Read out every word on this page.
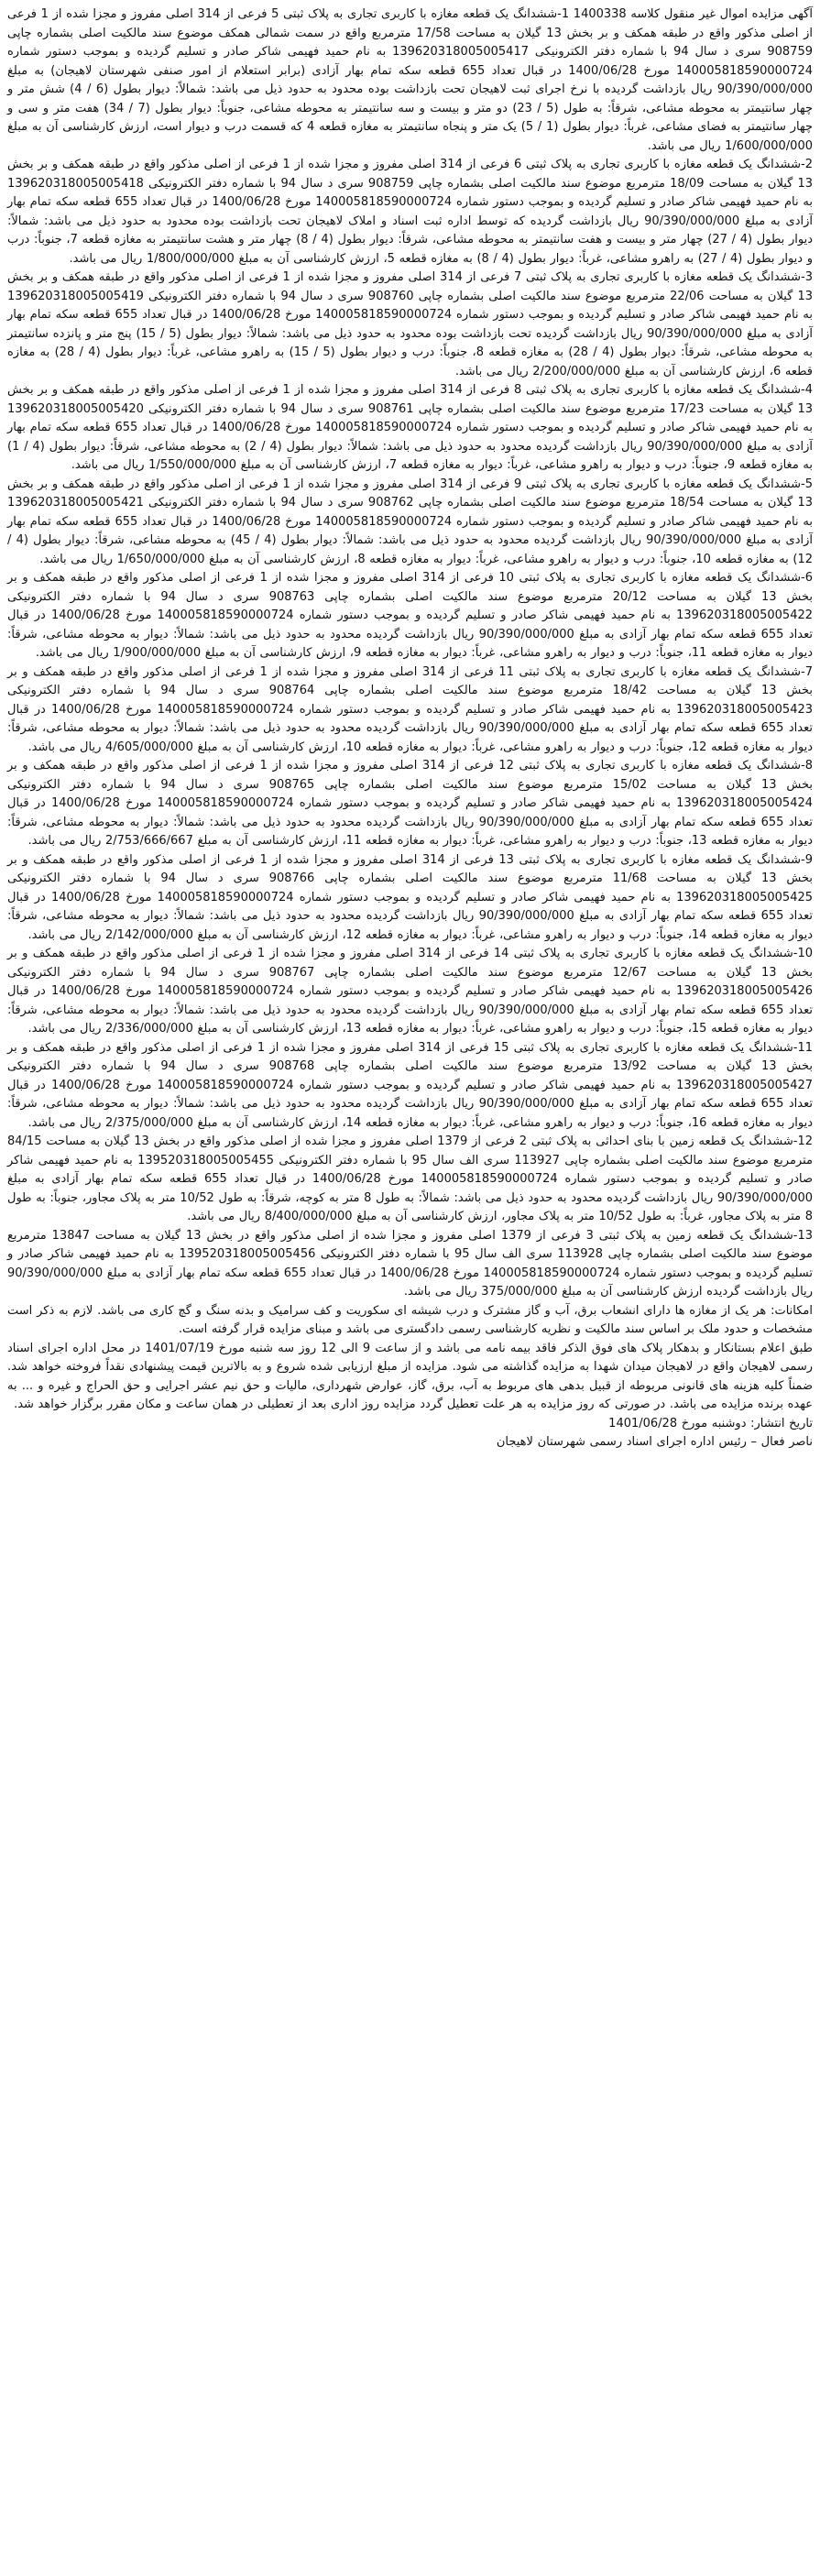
آگهی مزایده اموال غیر منقول کلاسه 1400338 1-ششدانگ یک قطعه مغازه با کاربری تجاری به پلاک ثبتی 5 فرعی از 314 اصلی مفروز و مجزا شده از 1 فرعی از اصلی مذکور واقع در طبقه همکف و بر بخش 13 گیلان به مساحت 17/58 مترمربع واقع در سمت شمالی همکف موضوع سند مالکیت اصلی بشماره چاپی 908759 سری د سال 94 با شماره دفتر الکترونیکی 139620318005005417 به نام حمید فهیمی شاکر صادر و تسلیم گردیده و بموجب دستور شماره 140005818590000724 مورخ 1400/06/28 در قبال تعداد 655 قطعه سکه تمام بهار آزادی (برابر استعلام از امور صنفی شهرستان لاهیجان) به مبلغ 90/390/000/000 ریال بازداشت گردیده با نرخ اجرای ثبت لاهیجان تحت بازداشت بوده محدود به حدود ذیل می باشد: شمالاً: دیوار بطول (6 / 4) شش متر و چهار سانتیمتر به محوطه مشاعی، شرقاً: به طول (5 / 23) دو متر و بیست و سه سانتیمتر به محوطه مشاعی، جنوباً: دیوار بطول (7 / 34) هفت متر و سی و چهار سانتیمتر به فضای مشاعی، غرباً: دیوار بطول (1 / 5) یک متر و پنجاه سانتیمتر به مغازه قطعه 4 که قسمت درب و دیوار است، ارزش کارشناسی آن به مبلغ 1/600/000/000 ریال می باشد.

2-ششدانگ یک قطعه مغازه با کاربری تجاری به پلاک ثبتی 6 فرعی از 314 اصلی مفروز و مجزا شده از 1 فرعی از اصلی مذکور واقع در طبقه همکف و بر بخش 13 گیلان به مساحت 18/09 مترمربع موضوع سند مالکیت اصلی بشماره چاپی 908759 سری د سال 94 با شماره دفتر الکترونیکی 139620318005005418 به نام حمید فهیمی شاکر صادر و تسلیم گردیده و بموجب دستور شماره 140005818590000724 مورخ 1400/06/28 در قبال تعداد 655 قطعه سکه تمام بهار آزادی به مبلغ 90/390/000/000 ریال بازداشت گردیده که توسط اداره ثبت اسناد و املاک لاهیجان تحت بازداشت بوده محدود به حدود ذیل می باشد: شمالاً: دیوار بطول (4 / 27) چهار متر و بیست و هفت سانتیمتر به محوطه مشاعی، شرقاً: دیوار بطول (4 / 8) چهار متر و هشت سانتیمتر به مغازه قطعه 7، جنوباً: درب و دیوار بطول (4 / 27) به راهرو مشاعی، غرباً: دیوار بطول (4 / 8) به مغازه قطعه 5، ارزش کارشناسی آن به مبلغ 1/800/000/000 ریال می باشد.

3-ششدانگ یک قطعه مغازه با کاربری تجاری به پلاک ثبتی 7 فرعی از 314 اصلی مفروز و مجزا شده از 1 فرعی از اصلی مذکور واقع در طبقه همکف و بر بخش 13 گیلان به مساحت 22/06 مترمربع موضوع سند مالکیت اصلی بشماره چاپی 908760 سری د سال 94 با شماره دفتر الکترونیکی 139620318005005419 به نام حمید فهیمی شاکر صادر و تسلیم گردیده و بموجب دستور شماره 140005818590000724 مورخ 1400/06/28 در قبال تعداد 655 قطعه سکه تمام بهار آزادی به مبلغ 90/390/000/000 ریال بازداشت گردیده تحت بازداشت بوده محدود به حدود ذیل می باشد: شمالاً: دیوار بطول (5 / 15) پنج متر و پانزده سانتیمتر به محوطه مشاعی، شرقاً: دیوار بطول (4 / 28) به مغازه قطعه 8، جنوباً: درب و دیوار بطول (5 / 15) به راهرو مشاعی، غرباً: دیوار بطول (4 / 28) به مغازه قطعه 6، ارزش کارشناسی آن به مبلغ 2/200/000/000 ریال می باشد.

4-ششدانگ یک قطعه مغازه با کاربری تجاری به پلاک ثبتی 8 فرعی از 314 اصلی مفروز و مجزا شده از 1 فرعی از اصلی مذکور واقع در طبقه همکف و بر بخش 13 گیلان به مساحت 17/23 مترمربع موضوع سند مالکیت اصلی بشماره چاپی 908761 سری د سال 94 با شماره دفتر الکترونیکی 139620318005005420 به نام حمید فهیمی شاکر صادر و تسلیم گردیده و بموجب دستور شماره 140005818590000724 مورخ 1400/06/28 در قبال تعداد 655 قطعه سکه تمام بهار آزادی به مبلغ 90/390/000/000 ریال بازداشت گردیده محدود به حدود ذیل می باشد: شمالاً: دیوار بطول (4 / 2) به محوطه مشاعی، شرقاً: دیوار بطول (4 / 1) به مغازه قطعه 9، جنوباً: درب و دیوار به راهرو مشاعی، غرباً: دیوار به مغازه قطعه 7، ارزش کارشناسی آن به مبلغ 1/550/000/000 ریال می باشد.

5-ششدانگ یک قطعه مغازه با کاربری تجاری به پلاک ثبتی 9 فرعی از 314 اصلی مفروز و مجزا شده از 1 فرعی از اصلی مذکور واقع در طبقه همکف و بر بخش 13 گیلان به مساحت 18/54 مترمربع موضوع سند مالکیت اصلی بشماره چاپی 908762 سری د سال 94 با شماره دفتر الکترونیکی 139620318005005421 به نام حمید فهیمی شاکر صادر و تسلیم گردیده و بموجب دستور شماره 140005818590000724 مورخ 1400/06/28 در قبال تعداد 655 قطعه سکه تمام بهار آزادی به مبلغ 90/390/000/000 ریال بازداشت گردیده محدود به حدود ذیل می باشد: شمالاً: دیوار بطول (4 / 45) به محوطه مشاعی، شرقاً: دیوار بطول (4 / 12) به مغازه قطعه 10، جنوباً: درب و دیوار به راهرو مشاعی، غرباً: دیوار به مغازه قطعه 8، ارزش کارشناسی آن به مبلغ 1/650/000/000 ریال می باشد.

6-ششدانگ یک قطعه مغازه با کاربری تجاری به پلاک ثبتی 10 فرعی از 314 اصلی مفروز و مجزا شده از 1 فرعی از اصلی مذکور واقع در طبقه همکف و بر بخش 13 گیلان به مساحت 20/12 مترمربع موضوع سند مالکیت اصلی بشماره چاپی 908763 سری د سال 94 با شماره دفتر الکترونیکی 139620318005005422 به نام حمید فهیمی شاکر صادر و تسلیم گردیده و بموجب دستور شماره 140005818590000724 مورخ 1400/06/28 در قبال تعداد 655 قطعه سکه تمام بهار آزادی به مبلغ 90/390/000/000 ریال بازداشت گردیده محدود به حدود ذیل می باشد: شمالاً: دیوار به محوطه مشاعی، شرقاً: دیوار به مغازه قطعه 11، جنوباً: درب و دیوار به راهرو مشاعی، غرباً: دیوار به مغازه قطعه 9، ارزش کارشناسی آن به مبلغ 1/900/000/000 ریال می باشد.

7-ششدانگ یک قطعه مغازه با کاربری تجاری به پلاک ثبتی 11 فرعی از 314 اصلی مفروز و مجزا شده از 1 فرعی از اصلی مذکور واقع در طبقه همکف و بر بخش 13 گیلان به مساحت 18/42 مترمربع موضوع سند مالکیت اصلی بشماره چاپی 908764 سری د سال 94 با شماره دفتر الکترونیکی 139620318005005423 به نام حمید فهیمی شاکر صادر و تسلیم گردیده و بموجب دستور شماره 140005818590000724 مورخ 1400/06/28 در قبال تعداد 655 قطعه سکه تمام بهار آزادی به مبلغ 90/390/000/000 ریال بازداشت گردیده محدود به حدود ذیل می باشد: شمالاً: دیوار به محوطه مشاعی، شرقاً: دیوار به مغازه قطعه 12، جنوباً: درب و دیوار به راهرو مشاعی، غرباً: دیوار به مغازه قطعه 10، ارزش کارشناسی آن به مبلغ 4/605/000/000 ریال می باشد.

8-ششدانگ یک قطعه مغازه با کاربری تجاری به پلاک ثبتی 12 فرعی از 314 اصلی مفروز و مجزا شده از 1 فرعی از اصلی مذکور واقع در طبقه همکف و بر بخش 13 گیلان به مساحت 15/02 مترمربع موضوع سند مالکیت اصلی بشماره چاپی 908765 سری د سال 94 با شماره دفتر الکترونیکی 139620318005005424 به نام حمید فهیمی شاکر صادر و تسلیم گردیده و بموجب دستور شماره 140005818590000724 مورخ 1400/06/28 در قبال تعداد 655 قطعه سکه تمام بهار آزادی به مبلغ 90/390/000/000 ریال بازداشت گردیده محدود به حدود ذیل می باشد: شمالاً: دیوار به محوطه مشاعی، شرقاً: دیوار به مغازه قطعه 13، جنوباً: درب و دیوار به راهرو مشاعی، غرباً: دیوار به مغازه قطعه 11، ارزش کارشناسی آن به مبلغ 2/753/666/667 ریال می باشد.

9-ششدانگ یک قطعه مغازه با کاربری تجاری به پلاک ثبتی 13 فرعی از 314 اصلی مفروز و مجزا شده از 1 فرعی از اصلی مذکور واقع در طبقه همکف و بر بخش 13 گیلان به مساحت 11/68 مترمربع موضوع سند مالکیت اصلی بشماره چاپی 908766 سری د سال 94 با شماره دفتر الکترونیکی 139620318005005425 به نام حمید فهیمی شاکر صادر و تسلیم گردیده و بموجب دستور شماره 140005818590000724 مورخ 1400/06/28 در قبال تعداد 655 قطعه سکه تمام بهار آزادی به مبلغ 90/390/000/000 ریال بازداشت گردیده محدود به حدود ذیل می باشد: شمالاً: دیوار به محوطه مشاعی، شرقاً: دیوار به مغازه قطعه 14، جنوباً: درب و دیوار به راهرو مشاعی، غرباً: دیوار به مغازه قطعه 12، ارزش کارشناسی آن به مبلغ 2/142/000/000 ریال می باشد.

10-ششدانگ یک قطعه مغازه با کاربری تجاری به پلاک ثبتی 14 فرعی از 314 اصلی مفروز و مجزا شده از 1 فرعی از اصلی مذکور واقع در طبقه همکف و بر بخش 13 گیلان به مساحت 12/67 مترمربع موضوع سند مالکیت اصلی بشماره چاپی 908767 سری د سال 94 با شماره دفتر الکترونیکی 139620318005005426 به نام حمید فهیمی شاکر صادر و تسلیم گردیده و بموجب دستور شماره 140005818590000724 مورخ 1400/06/28 در قبال تعداد 655 قطعه سکه تمام بهار آزادی به مبلغ 90/390/000/000 ریال بازداشت گردیده محدود به حدود ذیل می باشد: شمالاً: دیوار به محوطه مشاعی، شرقاً: دیوار به مغازه قطعه 15، جنوباً: درب و دیوار به راهرو مشاعی، غرباً: دیوار به مغازه قطعه 13، ارزش کارشناسی آن به مبلغ 2/336/000/000 ریال می باشد.

11-ششدانگ یک قطعه مغازه با کاربری تجاری به پلاک ثبتی 15 فرعی از 314 اصلی مفروز و مجزا شده از 1 فرعی از اصلی مذکور واقع در طبقه همکف و بر بخش 13 گیلان به مساحت 13/92 مترمربع موضوع سند مالکیت اصلی بشماره چاپی 908768 سری د سال 94 با شماره دفتر الکترونیکی 139620318005005427 به نام حمید فهیمی شاکر صادر و تسلیم گردیده و بموجب دستور شماره 140005818590000724 مورخ 1400/06/28 در قبال تعداد 655 قطعه سکه تمام بهار آزادی به مبلغ 90/390/000/000 ریال بازداشت گردیده محدود به حدود ذیل می باشد: شمالاً: دیوار به محوطه مشاعی، شرقاً: دیوار به مغازه قطعه 16، جنوباً: درب و دیوار به راهرو مشاعی، غرباً: دیوار به مغازه قطعه 14، ارزش کارشناسی آن به مبلغ 2/375/000/000 ریال می باشد.

12-ششدانگ یک قطعه زمین با بنای احداثی به پلاک ثبتی 2 فرعی از 1379 اصلی مفروز و مجزا شده از اصلی مذکور واقع در بخش 13 گیلان به مساحت 84/15 مترمربع موضوع سند مالکیت اصلی بشماره چاپی 113927 سری الف سال 95 با شماره دفتر الکترونیکی 139520318005005455 به نام حمید فهیمی شاکر صادر و تسلیم گردیده و بموجب دستور شماره 140005818590000724 مورخ 1400/06/28 در قبال تعداد 655 قطعه سکه تمام بهار آزادی به مبلغ 90/390/000/000 ریال بازداشت گردیده محدود به حدود ذیل می باشد: شمالاً: به طول 8 متر به کوچه، شرقاً: به طول 10/52 متر به پلاک مجاور، جنوباً: به طول 8 متر به پلاک مجاور، غرباً: به طول 10/52 متر به پلاک مجاور، ارزش کارشناسی آن به مبلغ 8/400/000/000 ریال می باشد.

13-ششدانگ یک قطعه زمین به پلاک ثبتی 3 فرعی از 1379 اصلی مفروز و مجزا شده از اصلی مذکور واقع در بخش 13 گیلان به مساحت 13847 مترمربع موضوع سند مالکیت اصلی بشماره چاپی 113928 سری الف سال 95 با شماره دفتر الکترونیکی 139520318005005456 به نام حمید فهیمی شاکر صادر و تسلیم گردیده و بموجب دستور شماره 140005818590000724 مورخ 1400/06/28 در قبال تعداد 655 قطعه سکه تمام بهار آزادی به مبلغ 90/390/000/000 ریال بازداشت گردیده ارزش کارشناسی آن به مبلغ 375/000/000 ریال می باشد.

امکانات: هر یک از مغازه ها دارای انشعاب برق، آب و گاز مشترک و درب شیشه ای سکوریت و کف سرامیک و بدنه سنگ و گچ کاری می باشد. لازم به ذکر است مشخصات و حدود ملک بر اساس سند مالکیت و نظریه کارشناسی رسمی دادگستری می باشد و مبنای مزایده قرار گرفته است.

طبق اعلام بستانکار و بدهکار پلاک های فوق الذکر فاقد بیمه نامه می باشد و از ساعت 9 الی 12 روز سه شنبه مورخ 1401/07/19 در محل اداره اجرای اسناد رسمی لاهیجان واقع در لاهیجان میدان شهدا به مزایده گذاشته می شود. مزایده از مبلغ ارزیابی شده شروع و به بالاترین قیمت پیشنهادی نقداً فروخته خواهد شد. ضمناً کلیه هزینه های قانونی مربوطه از قبیل بدهی های مربوط به آب، برق، گاز، عوارض شهرداری، مالیات و حق نیم عشر اجرایی و حق الحراج و غیره و ... به عهده برنده مزایده می باشد. در صورتی که روز مزایده به هر علت تعطیل گردد مزایده روز اداری بعد از تعطیلی در همان ساعت و مکان مقرر برگزار خواهد شد.

تاریخ انتشار: دوشنبه مورخ 1401/06/28

ناصر فعال – رئیس اداره اجرای اسناد رسمی شهرستان لاهیجان
